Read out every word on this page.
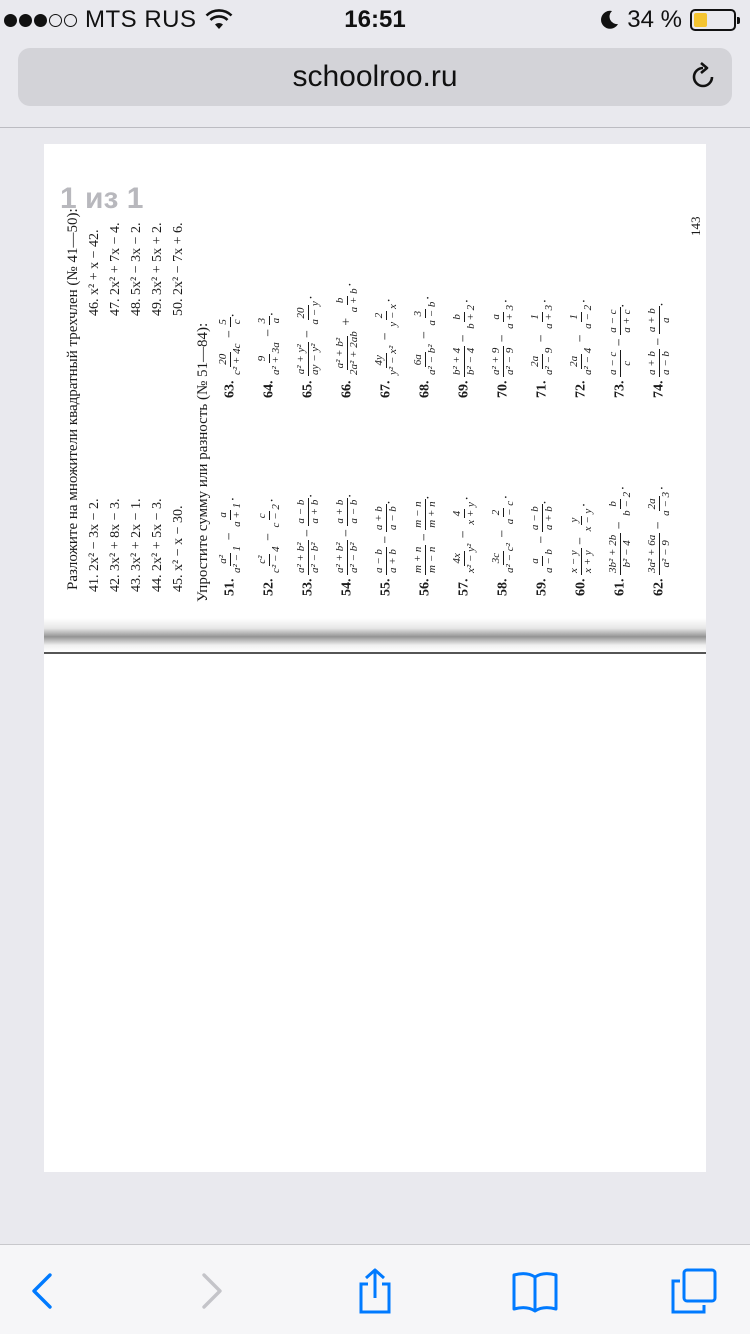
MTS RUS	16:51	34 %
schoolroo.ru
1 из 1
Разложите на множители квадратный трехчлен (№ 41—50):	Упростите сумму или разность (№ 51—84):
41. 2x² − 3x − 2. 42. 3x² + 8x − 3. 43. 3x² + 2x − 1. 44. 2x² + 5x − 3. 45. x² − x − 30.
46. x² + x − 42. 47. 2x² + 7x − 4. 48. 5x² − 3x − 2. 49. 3x² + 5x + 2. 50. 2x² − 7x + 6.
51.
a² a² − 1
−
a a + 1
.
52.
c² c² − 4
−
c c − 2
.
53.
a² + b² a² − b²
−
a − b a + b
.
54.
a² + b² a² − b²
−
a + b a − b
.
55.
a − b a + b
−
a + b a − b
.
56.
m + n m − n
−
m − n m + n
.
57.
4x x² − y²
−
4 x + y
.
58.
3c a² − c²
−
2 a − c
.
59.
a a − b
−
a − b a + b
.
60.
x − y x + y
−
y x − y
.
61.
3b² + 2b b² − 4
−
b b − 2
.
62.
3a² + 6a a² − 9
−
2a a − 3
.
63.
20 c² + 4c
−
5 c
.
64.
9 a² + 3a
−
3 a
.
65.
a² + y² ay − y²
−
20 a − y
.
66.
a² + b² 2a² + 2ab
+
b a + b
.
67.
4y y² − x²
−
2 y − x
.
68.
6a a² − b²
−
3 a − b
.
69.
b² + 4 b² − 4
−
b b + 2
.
70.
a² + 9 a² − 9
−
a a + 3
.
71.
2a a² − 9
−
1 a + 3
.
72.
2a a² − 4
−
1 a − 2
.
73.
a − c c
−
a − c a + c
.
74.
a + b a − b
−
a + b a
.
143
